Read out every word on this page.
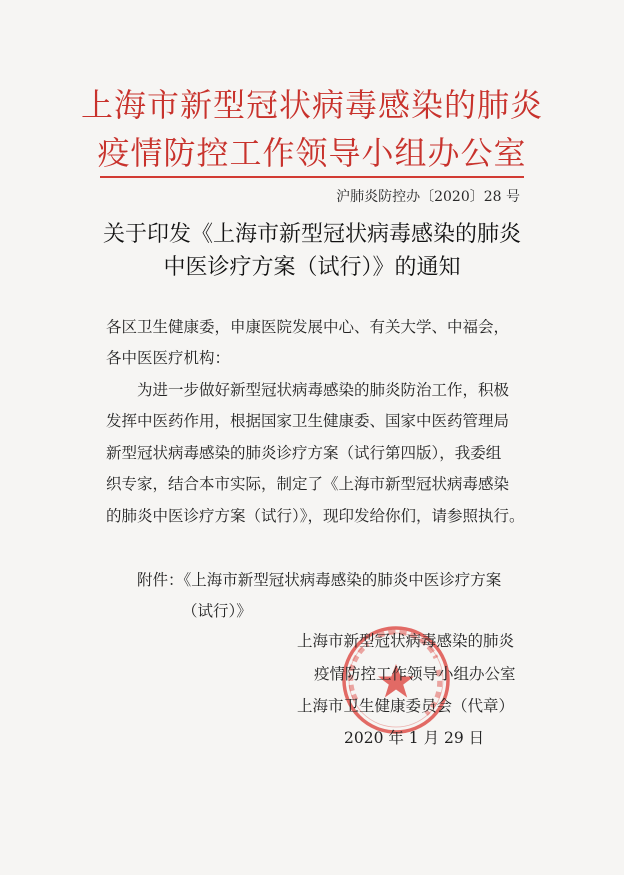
上海市新型冠状病毒感染的肺炎
疫情防控工作领导小组办公室
沪肺炎防控办〔2020〕28 号
关于印发《上海市新型冠状病毒感染的肺炎
中医诊疗方案（试行）》的通知
各区卫生健康委，申康医院发展中心、有关大学、中福会，
各中医医疗机构：
为进一步做好新型冠状病毒感染的肺炎防治工作，积极
发挥中医药作用，根据国家卫生健康委、国家中医药管理局
新型冠状病毒感染的肺炎诊疗方案（试行第四版），我委组
织专家，结合本市实际，制定了《上海市新型冠状病毒感染
的肺炎中医诊疗方案（试行）》，现印发给你们，请参照执行。
附件：《上海市新型冠状病毒感染的肺炎中医诊疗方案
（试行）》
上海市新型冠状病毒感染的肺炎
疫情防控工作领导小组办公室
上海市卫生健康委员会（代章）
2020 年 1 月 29 日
